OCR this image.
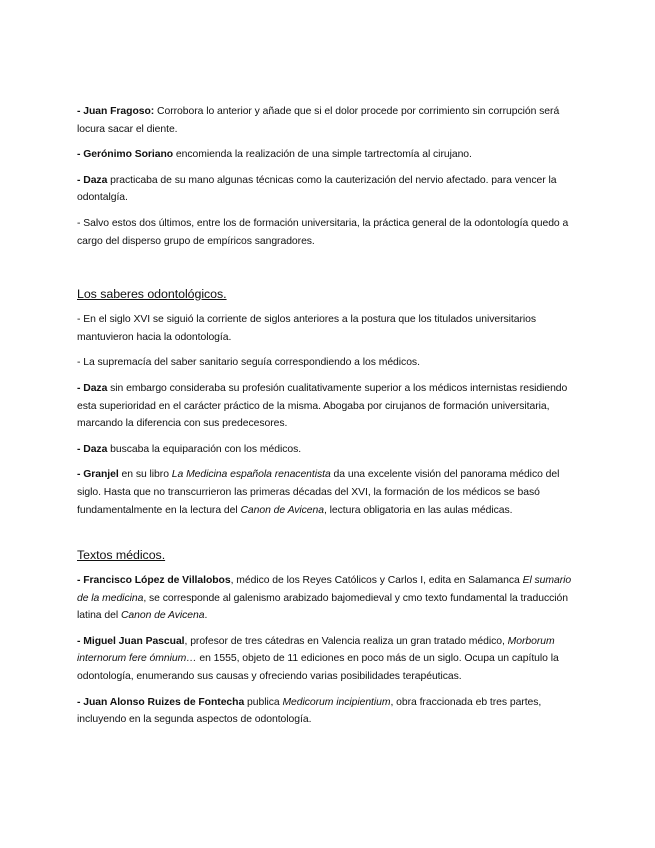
- Juan Fragoso: Corrobora lo anterior y añade que si el dolor procede por corrimiento sin corrupción será locura sacar el diente.

- Gerónimo Soriano encomienda la realización de una simple tartrectomía al cirujano.

- Daza practicaba de su mano algunas técnicas como la cauterización del nervio afectado. para vencer la odontalgía.

- Salvo estos dos últimos, entre los de formación universitaria, la práctica general de la odontología quedo a cargo del disperso grupo de empíricos sangradores.

Los saberes odontológicos.

- En el siglo XVI se siguió la corriente de siglos anteriores a la postura que los titulados universitarios mantuvieron hacia la odontología.

- La supremacía del saber sanitario seguía correspondiendo a los médicos.

- Daza sin embargo consideraba su profesión cualitativamente superior a los médicos internistas residiendo esta superioridad en el carácter práctico de la misma. Abogaba por cirujanos de formación universitaria, marcando la diferencia con sus predecesores.

- Daza buscaba la equiparación con los médicos.

- Granjel en su libro La Medicina española renacentista da una excelente visión del panorama médico del siglo. Hasta que no transcurrieron las primeras décadas del XVI, la formación de los médicos se basó fundamentalmente en la lectura del Canon de Avicena, lectura obligatoria en las aulas médicas.

Textos médicos.

- Francisco López de Villalobos, médico de los Reyes Católicos y Carlos I, edita en Salamanca El sumario de la medicina, se corresponde al galenismo arabizado bajomedieval y cmo texto fundamental la traducción latina del Canon de Avicena.

- Miguel Juan Pascual, profesor de tres cátedras en Valencia realiza un gran tratado médico, Morborum internorum fere ómnium… en 1555, objeto de 11 ediciones en poco más de un siglo. Ocupa un capítulo la odontología, enumerando sus causas y ofreciendo varias posibilidades terapéuticas.

- Juan Alonso Ruizes de Fontecha publica Medicorum incipientium, obra fraccionada eb tres partes, incluyendo en la segunda aspectos de odontología.
